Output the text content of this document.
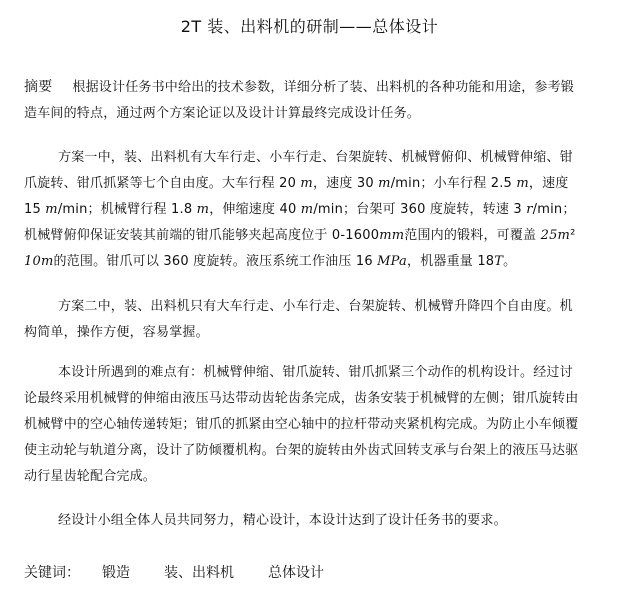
2T 装、出料机的研制——总体设计

摘要 根据设计任务书中给出的技术参数，详细分析了装、出料机的各种功能和用途，参考锻造车间的特点，通过两个方案论证以及设计计算最终完成设计任务。

方案一中，装、出料机有大车行走、小车行走、台架旋转、机械臂俯仰、机械臂伸缩、钳爪旋转、钳爪抓紧等七个自由度。大车行程 20 m，速度 30 m/min；小车行程 2.5 m，速度 15 m/min；机械臂行程 1.8 m，伸缩速度 40 m/min；台架可 360 度旋转，转速 3 r/min；机械臂俯仰保证安装其前端的钳爪能够夹起高度位于 0-1600mm范围内的锻料，可覆盖 25m² 10m的范围。钳爪可以 360 度旋转。液压系统工作油压 16 MPa，机器重量 18T。

方案二中，装、出料机只有大车行走、小车行走、台架旋转、机械臂升降四个自由度。机构简单，操作方便，容易掌握。

本设计所遇到的难点有：机械臂伸缩、钳爪旋转、钳爪抓紧三个动作的机构设计。经过讨论最终采用机械臂的伸缩由液压马达带动齿轮齿条完成，齿条安装于机械臂的左侧；钳爪旋转由机械臂中的空心轴传递转矩；钳爪的抓紧由空心轴中的拉杆带动夹紧机构完成。为防止小车倾覆使主动轮与轨道分离，设计了防倾覆机构。台架的旋转由外齿式回转支承与台架上的液压马达驱动行星齿轮配合完成。

经设计小组全体人员共同努力，精心设计，本设计达到了设计任务书的要求。

关键词： 锻造 装、出料机 总体设计
